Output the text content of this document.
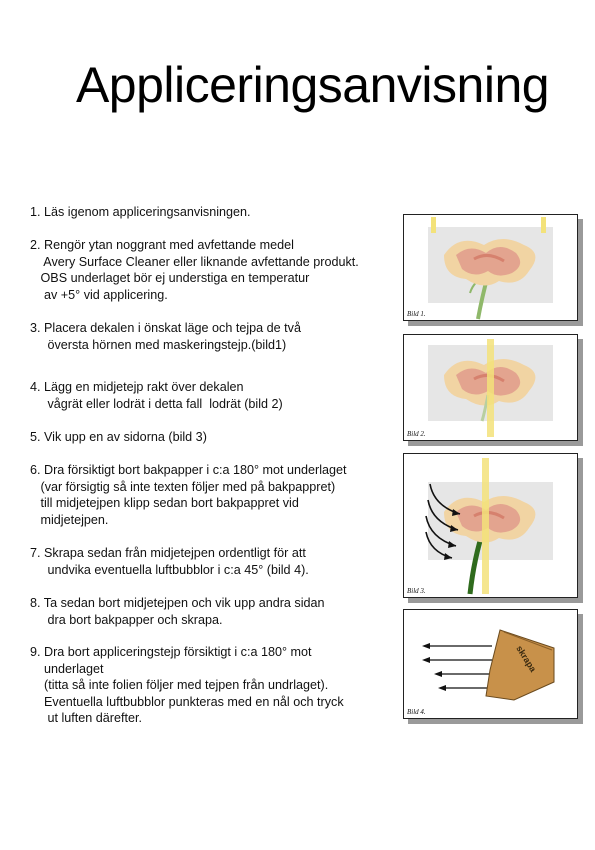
Appliceringsanvisning
1. Läs igenom appliceringsanvisningen.
2. Rengör ytan noggrant med avfettande medel
Avery Surface Cleaner eller liknande avfettande produkt.
OBS underlaget bör ej understiga en temperatur
av +5° vid applicering.
3. Placera dekalen i önskat läge och tejpa de två
översta hörnen med maskeringstejp.(bild1)
4. Lägg en midjetejp rakt över dekalen
vågrät eller lodrät i detta fall  lodrät (bild 2)
5. Vik upp en av sidorna (bild 3)
6. Dra försiktigt bort bakpapper i c:a 180° mot underlaget
(var försigtig så inte texten följer med på bakpappret)
till midjetejpen klipp sedan bort bakpappret vid
midjetejpen.
7. Skrapa sedan från midjetejpen ordentligt för att
undvika eventuella luftbubblor i c:a 45° (bild 4).
8. Ta sedan bort midjetejpen och vik upp andra sidan
dra bort bakpapper och skrapa.
9. Dra bort appliceringstejp försiktigt i c:a 180° mot
underlaget
(titta så inte folien följer med tejpen från undrlaget).
Eventuella luftbubblor punkteras med en nål och tryck
ut luften därefter.
Bild 1.
Bild 2.
Bild 3.
skrapa
Bild 4.
